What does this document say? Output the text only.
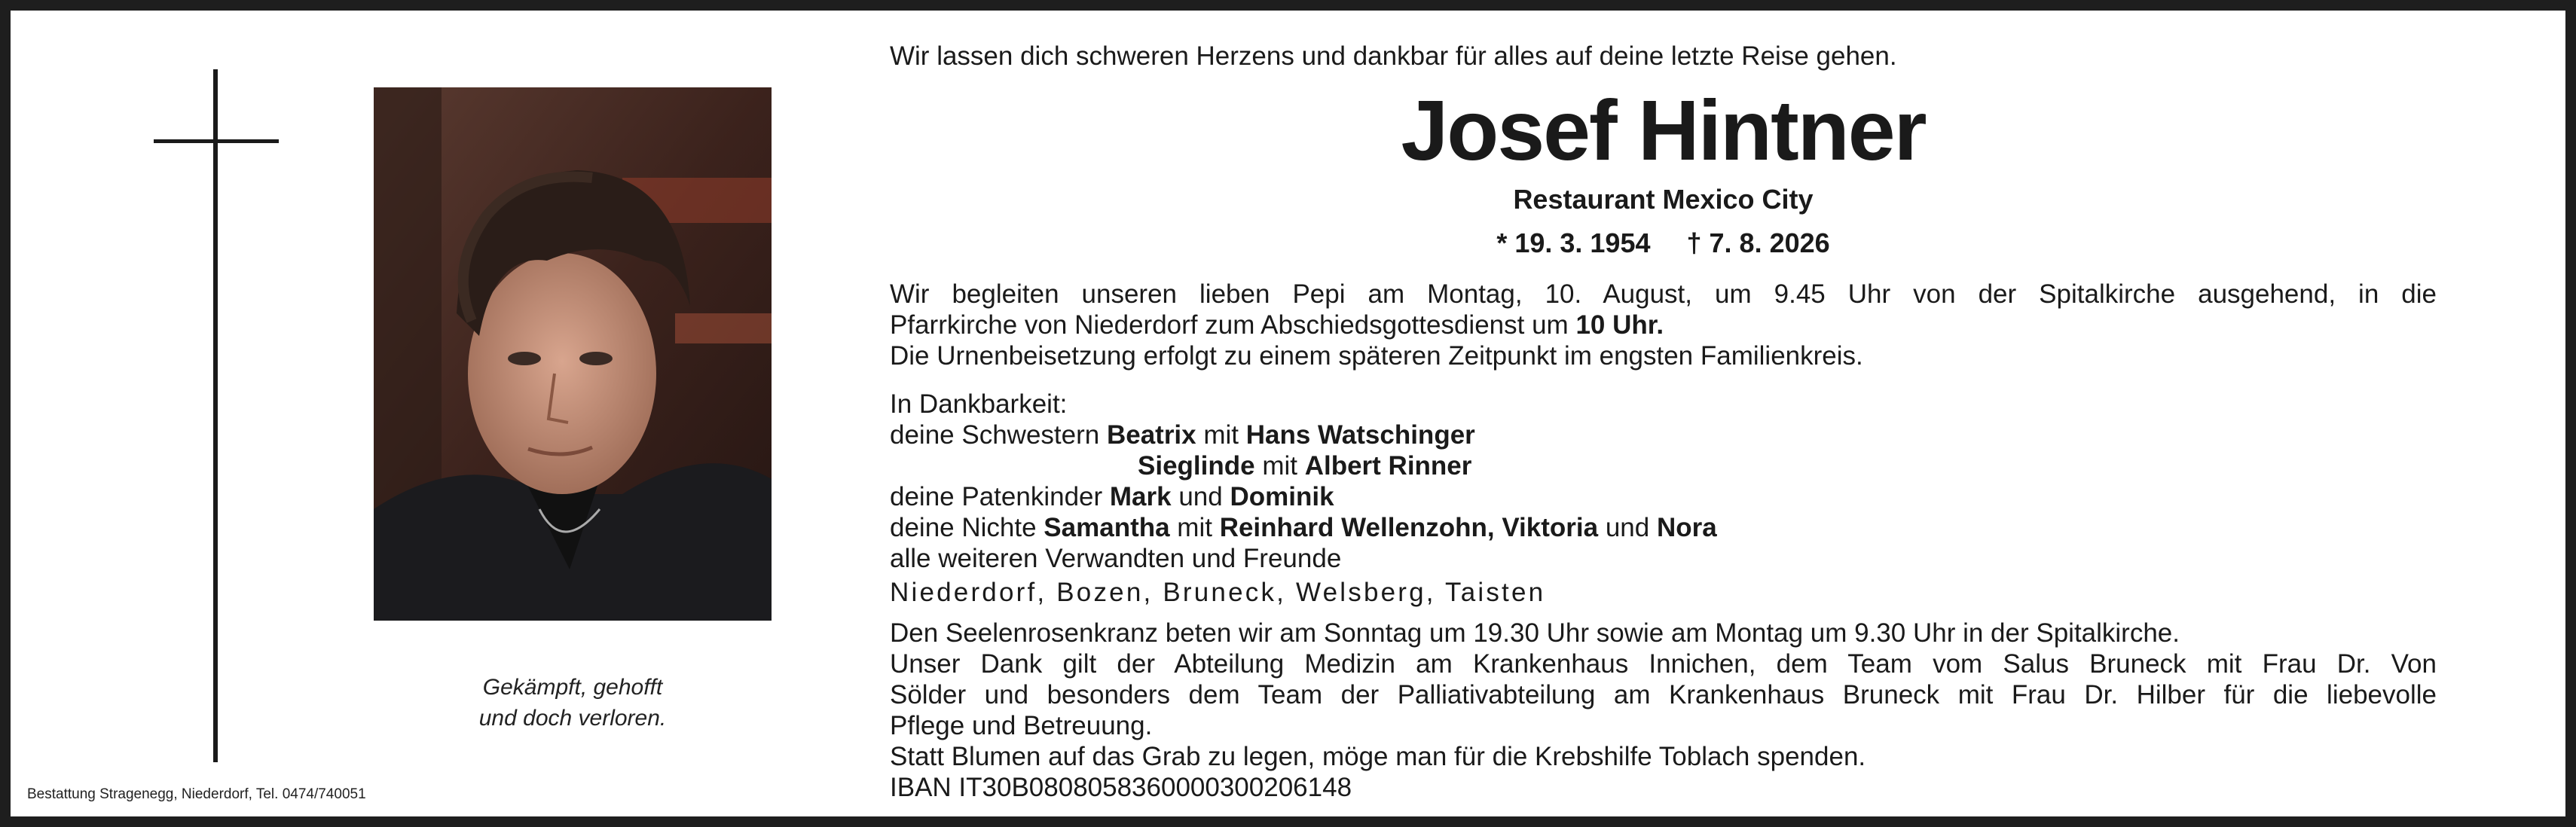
Gekämpft, gehofft
und doch verloren.
Bestattung Stragenegg, Niederdorf, Tel. 0474/740051
Wir lassen dich schweren Herzens und dankbar für alles auf deine letzte Reise gehen.
Josef Hintner
Restaurant Mexico City
* 19. 3. 1954 † 7. 8. 2026
Wir begleiten unseren lieben Pepi am Montag, 10. August, um 9.45 Uhr von der Spitalkirche ausgehend, in die
Pfarrkirche von Niederdorf zum Abschiedsgottesdienst um 10 Uhr.
Die Urnenbeisetzung erfolgt zu einem späteren Zeitpunkt im engsten Familienkreis.
In Dankbarkeit:
deine Schwestern Beatrix mit Hans Watschinger
Sieglinde mit Albert Rinner
deine Patenkinder Mark und Dominik
deine Nichte Samantha mit Reinhard Wellenzohn, Viktoria und Nora
alle weiteren Verwandten und Freunde
Niederdorf, Bozen, Bruneck, Welsberg, Taisten
Den Seelenrosenkranz beten wir am Sonntag um 19.30 Uhr sowie am Montag um 9.30 Uhr in der Spitalkirche.
Unser Dank gilt der Abteilung Medizin am Krankenhaus Innichen, dem Team vom Salus Bruneck mit Frau Dr. Von
Sölder und besonders dem Team der Palliativabteilung am Krankenhaus Bruneck mit Frau Dr. Hilber für die liebevolle
Pflege und Betreuung.
Statt Blumen auf das Grab zu legen, möge man für die Krebshilfe Toblach spenden.
IBAN IT30B0808058360000300206148
